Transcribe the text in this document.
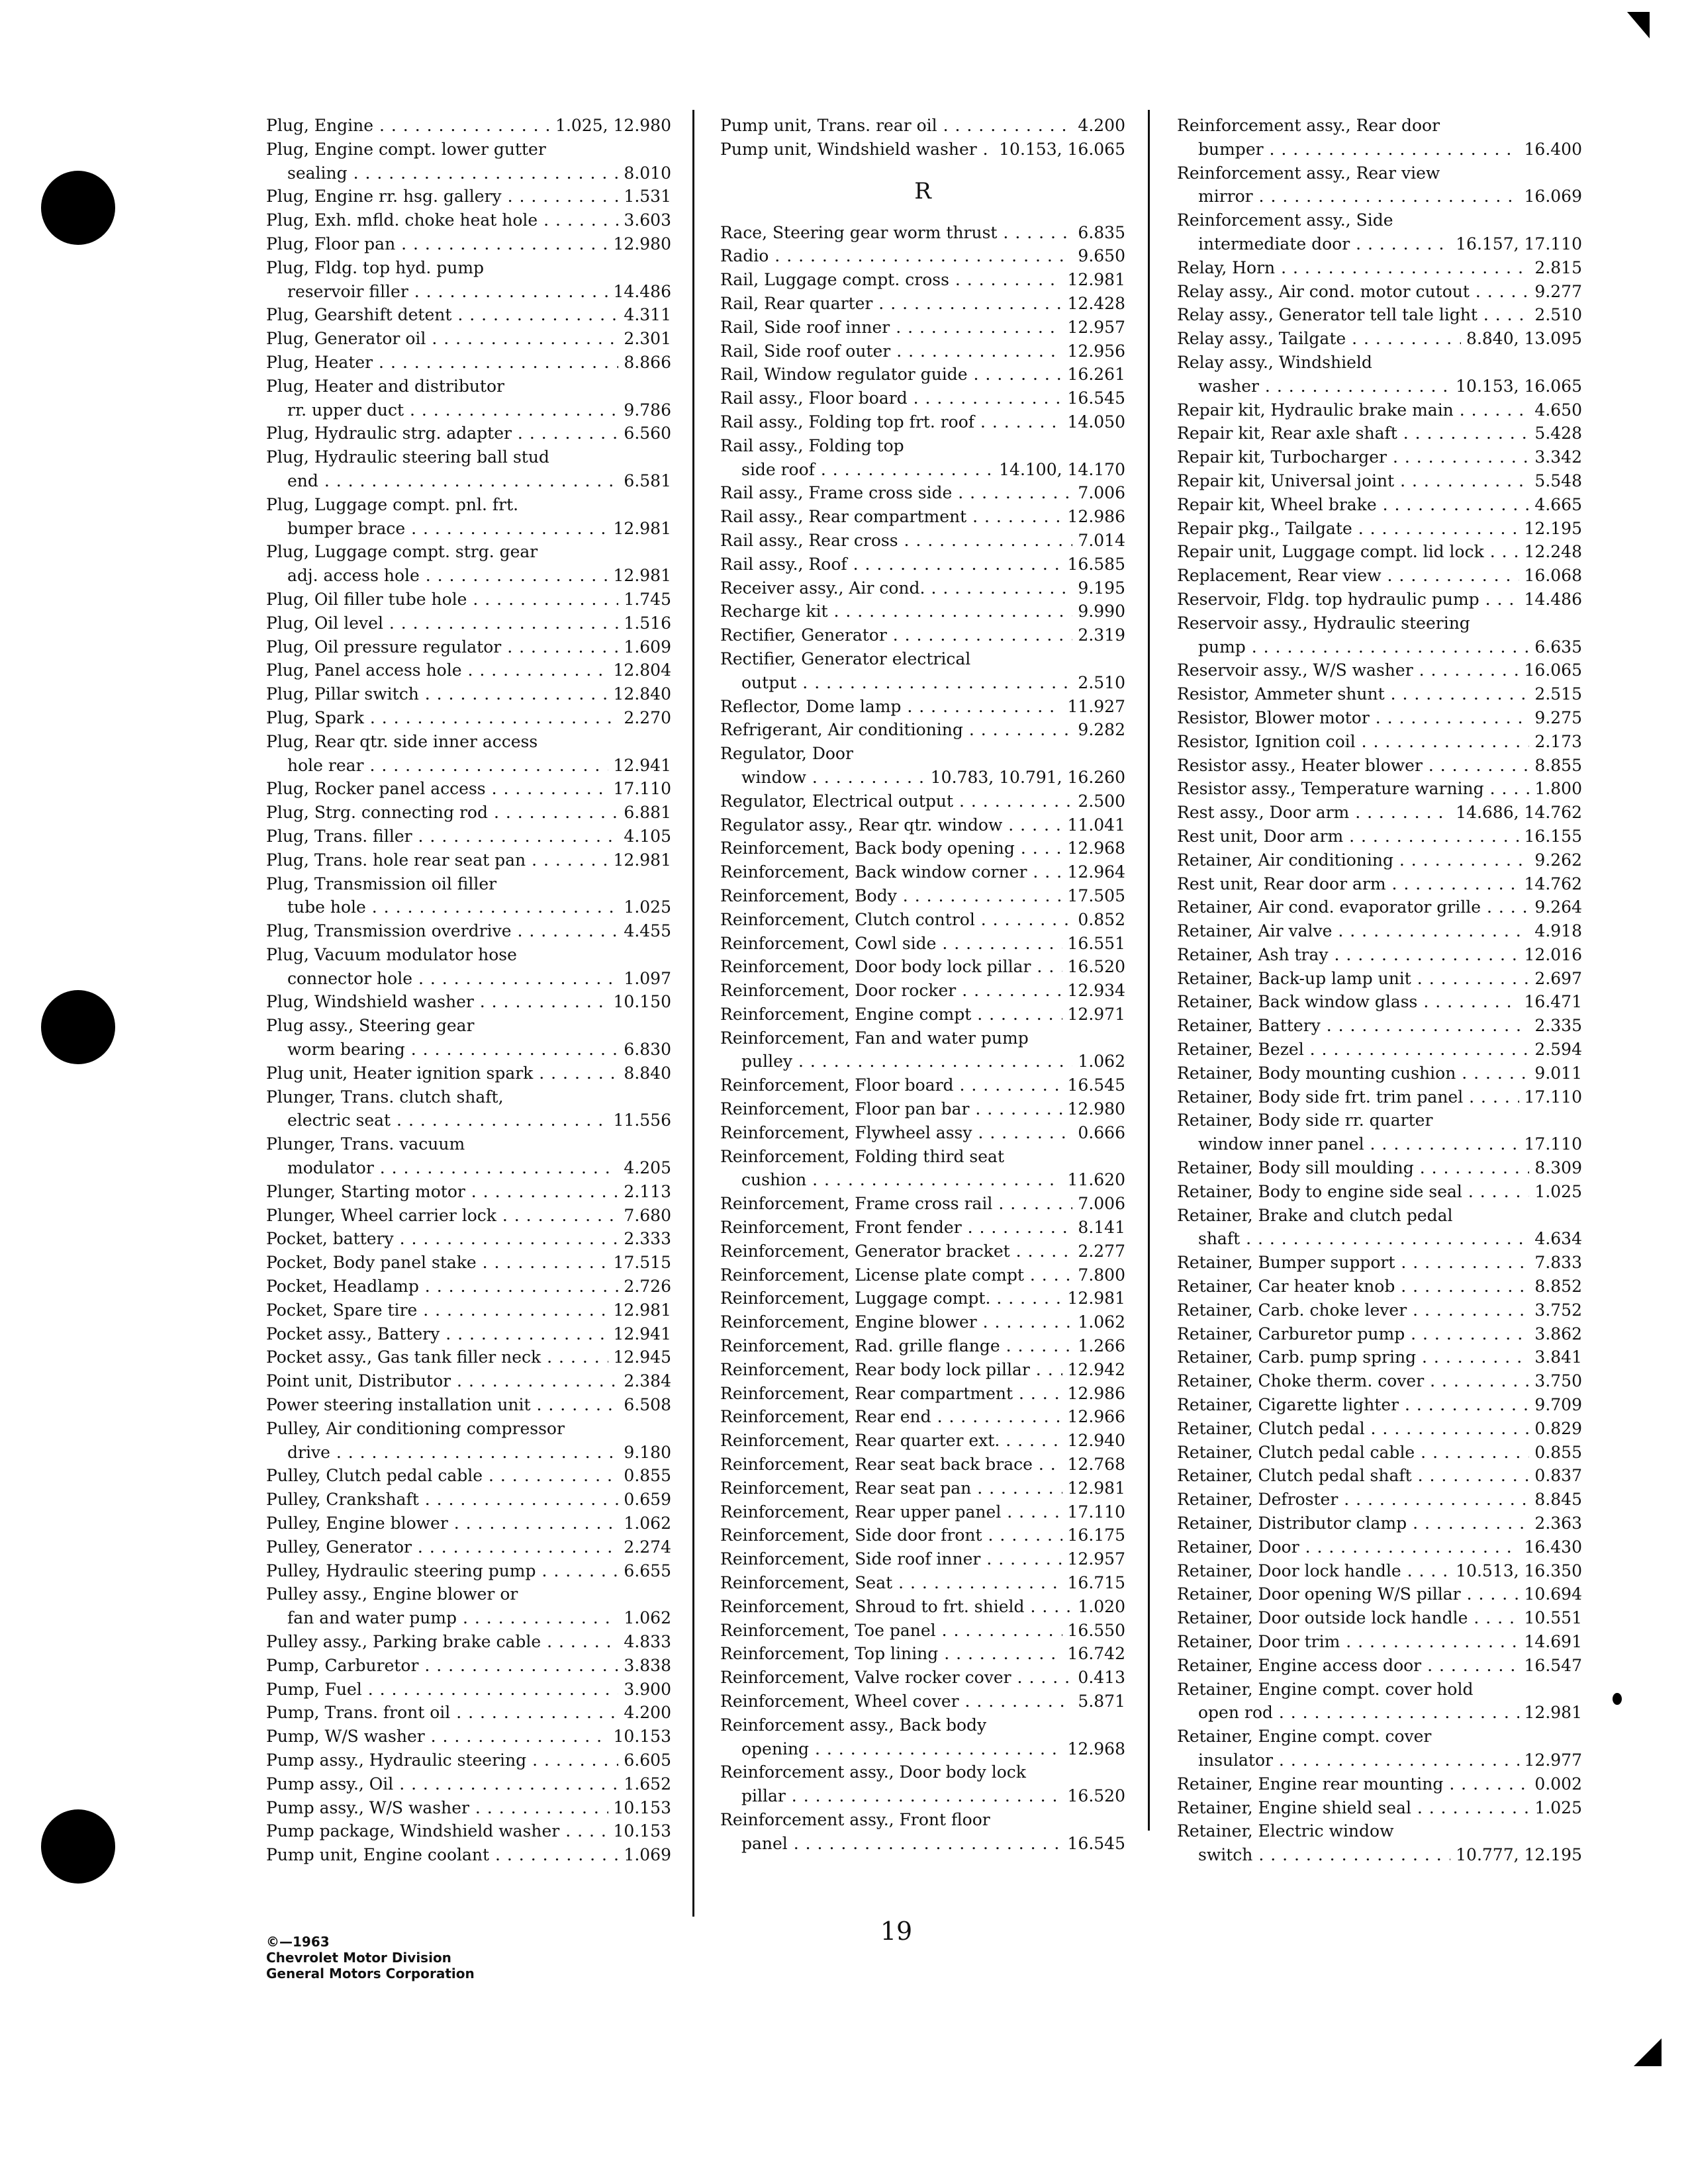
Plug, Engine . . .	1.025, 12.980
Plug, Engine compt. lower gutter
sealing . . .	8.010
Plug, Engine rr. hsg. gallery . . .	1.531
Plug, Exh. mfld. choke heat hole . . .	3.603
Plug, Floor pan . . .	12.980
Plug, Fldg. top hyd. pump
reservoir filler . . .	14.486
Plug, Gearshift detent . . .	4.311
Plug, Generator oil . . .	2.301
Plug, Heater . . .	8.866
Plug, Heater and distributor
rr. upper duct . . .	9.786
Plug, Hydraulic strg. adapter . . .	6.560
Plug, Hydraulic steering ball stud
end . . .	6.581
Plug, Luggage compt. pnl. frt.
bumper brace . . .	12.981
Plug, Luggage compt. strg. gear
adj. access hole . . .	12.981
Plug, Oil filler tube hole . . .	1.745
Plug, Oil level . . .	1.516
Plug, Oil pressure regulator . . .	1.609
Plug, Panel access hole . . .	12.804
Plug, Pillar switch . . .	12.840
Plug, Spark . . .	2.270
Plug, Rear qtr. side inner access
hole rear . . .	12.941
Plug, Rocker panel access . . .	17.110
Plug, Strg. connecting rod . . .	6.881
Plug, Trans. filler . . .	4.105
Plug, Trans. hole rear seat pan . . .	12.981
Plug, Transmission oil filler
tube hole . . .	1.025
Plug, Transmission overdrive . . .	4.455
Plug, Vacuum modulator hose
connector hole . . .	1.097
Plug, Windshield washer . . .	10.150
Plug assy., Steering gear
worm bearing . . .	6.830
Plug unit, Heater ignition spark . . .	8.840
Plunger, Trans. clutch shaft,
electric seat . . .	11.556
Plunger, Trans. vacuum
modulator . . .	4.205
Plunger, Starting motor . . .	2.113
Plunger, Wheel carrier lock . . .	7.680
Pocket, battery . . .	2.333
Pocket, Body panel stake . . .	17.515
Pocket, Headlamp . . .	2.726
Pocket, Spare tire . . .	12.981
Pocket assy., Battery . . .	12.941
Pocket assy., Gas tank filler neck . . .	12.945
Point unit, Distributor . . .	2.384
Power steering installation unit . . .	6.508
Pulley, Air conditioning compressor
drive . . .	9.180
Pulley, Clutch pedal cable . . .	0.855
Pulley, Crankshaft . . .	0.659
Pulley, Engine blower . . .	1.062
Pulley, Generator . . .	2.274
Pulley, Hydraulic steering pump . . .	6.655
Pulley assy., Engine blower or
fan and water pump . . .	1.062
Pulley assy., Parking brake cable . . .	4.833
Pump, Carburetor . . .	3.838
Pump, Fuel . . .	3.900
Pump, Trans. front oil . . .	4.200
Pump, W/S washer . . .	10.153
Pump assy., Hydraulic steering . . .	6.605
Pump assy., Oil . . .	1.652
Pump assy., W/S washer . . .	10.153
Pump package, Windshield washer . . .	10.153
Pump unit, Engine coolant . . .	1.069
Pump unit, Trans. rear oil . . .	4.200
Pump unit, Windshield washer . . .	10.153, 16.065
R
Race, Steering gear worm thrust . . .	6.835
Radio . . .	9.650
Rail, Luggage compt. cross . . .	12.981
Rail, Rear quarter . . .	12.428
Rail, Side roof inner . . .	12.957
Rail, Side roof outer . . .	12.956
Rail, Window regulator guide . . .	16.261
Rail assy., Floor board . . .	16.545
Rail assy., Folding top frt. roof . . .	14.050
Rail assy., Folding top
side roof . . .	14.100, 14.170
Rail assy., Frame cross side . . .	7.006
Rail assy., Rear compartment . . .	12.986
Rail assy., Rear cross . . .	7.014
Rail assy., Roof . . .	16.585
Receiver assy., Air cond. . . .	9.195
Recharge kit . . .	9.990
Rectifier, Generator . . .	2.319
Rectifier, Generator electrical
output . . .	2.510
Reflector, Dome lamp . . .	11.927
Refrigerant, Air conditioning . . .	9.282
Regulator, Door
window . . .	10.783, 10.791, 16.260
Regulator, Electrical output . . .	2.500
Regulator assy., Rear qtr. window . . .	11.041
Reinforcement, Back body opening . . .	12.968
Reinforcement, Back window corner . . .	12.964
Reinforcement, Body . . .	17.505
Reinforcement, Clutch control . . .	0.852
Reinforcement, Cowl side . . .	16.551
Reinforcement, Door body lock pillar . . .	16.520
Reinforcement, Door rocker . . .	12.934
Reinforcement, Engine compt . . .	12.971
Reinforcement, Fan and water pump
pulley . . .	1.062
Reinforcement, Floor board . . .	16.545
Reinforcement, Floor pan bar . . .	12.980
Reinforcement, Flywheel assy . . .	0.666
Reinforcement, Folding third seat
cushion . . .	11.620
Reinforcement, Frame cross rail . . .	7.006
Reinforcement, Front fender . . .	8.141
Reinforcement, Generator bracket . . .	2.277
Reinforcement, License plate compt . . .	7.800
Reinforcement, Luggage compt. . . .	12.981
Reinforcement, Engine blower . . .	1.062
Reinforcement, Rad. grille flange . . .	1.266
Reinforcement, Rear body lock pillar . . .	12.942
Reinforcement, Rear compartment . . .	12.986
Reinforcement, Rear end . . .	12.966
Reinforcement, Rear quarter ext. . . .	12.940
Reinforcement, Rear seat back brace . . .	12.768
Reinforcement, Rear seat pan . . .	12.981
Reinforcement, Rear upper panel . . .	17.110
Reinforcement, Side door front . . .	16.175
Reinforcement, Side roof inner . . .	12.957
Reinforcement, Seat . . .	16.715
Reinforcement, Shroud to frt. shield . . .	1.020
Reinforcement, Toe panel . . .	16.550
Reinforcement, Top lining . . .	16.742
Reinforcement, Valve rocker cover . . .	0.413
Reinforcement, Wheel cover . . .	5.871
Reinforcement assy., Back body
opening . . .	12.968
Reinforcement assy., Door body lock
pillar . . .	16.520
Reinforcement assy., Front floor
panel . . .	16.545
Reinforcement assy., Rear door
bumper . . .	16.400
Reinforcement assy., Rear view
mirror . . .	16.069
Reinforcement assy., Side
intermediate door . . .	16.157, 17.110
Relay, Horn . . .	2.815
Relay assy., Air cond. motor cutout . . .	9.277
Relay assy., Generator tell tale light . . .	2.510
Relay assy., Tailgate . . .	8.840, 13.095
Relay assy., Windshield
washer . . .	10.153, 16.065
Repair kit, Hydraulic brake main . . .	4.650
Repair kit, Rear axle shaft . . .	5.428
Repair kit, Turbocharger . . .	3.342
Repair kit, Universal joint . . .	5.548
Repair kit, Wheel brake . . .	4.665
Repair pkg., Tailgate . . .	12.195
Repair unit, Luggage compt. lid lock . . .	12.248
Replacement, Rear view . . .	16.068
Reservoir, Fldg. top hydraulic pump . . .	14.486
Reservoir assy., Hydraulic steering
pump . . .	6.635
Reservoir assy., W/S washer . . .	16.065
Resistor, Ammeter shunt . . .	2.515
Resistor, Blower motor . . .	9.275
Resistor, Ignition coil . . .	2.173
Resistor assy., Heater blower . . .	8.855
Resistor assy., Temperature warning . . .	1.800
Rest assy., Door arm . . .	14.686, 14.762
Rest unit, Door arm . . .	16.155
Retainer, Air conditioning . . .	9.262
Rest unit, Rear door arm . . .	14.762
Retainer, Air cond. evaporator grille . . .	9.264
Retainer, Air valve . . .	4.918
Retainer, Ash tray . . .	12.016
Retainer, Back-up lamp unit . . .	2.697
Retainer, Back window glass . . .	16.471
Retainer, Battery . . .	2.335
Retainer, Bezel . . .	2.594
Retainer, Body mounting cushion . . .	9.011
Retainer, Body side frt. trim panel . . .	17.110
Retainer, Body side rr. quarter
window inner panel . . .	17.110
Retainer, Body sill moulding . . .	8.309
Retainer, Body to engine side seal . . .	1.025
Retainer, Brake and clutch pedal
shaft . . .	4.634
Retainer, Bumper support . . .	7.833
Retainer, Car heater knob . . .	8.852
Retainer, Carb. choke lever . . .	3.752
Retainer, Carburetor pump . . .	3.862
Retainer, Carb. pump spring . . .	3.841
Retainer, Choke therm. cover . . .	3.750
Retainer, Cigarette lighter . . .	9.709
Retainer, Clutch pedal . . .	0.829
Retainer, Clutch pedal cable . . .	0.855
Retainer, Clutch pedal shaft . . .	0.837
Retainer, Defroster . . .	8.845
Retainer, Distributor clamp . . .	2.363
Retainer, Door . . .	16.430
Retainer, Door lock handle . . .	10.513, 16.350
Retainer, Door opening W/S pillar . . .	10.694
Retainer, Door outside lock handle . . .	10.551
Retainer, Door trim . . .	14.691
Retainer, Engine access door . . .	16.547
Retainer, Engine compt. cover hold
open rod . . .	12.981
Retainer, Engine compt. cover
insulator . . .	12.977
Retainer, Engine rear mounting . . .	0.002
Retainer, Engine shield seal . . .	1.025
Retainer, Electric window
switch . . .	10.777, 12.195
©—1963
Chevrolet Motor Division
General Motors Corporation
19
